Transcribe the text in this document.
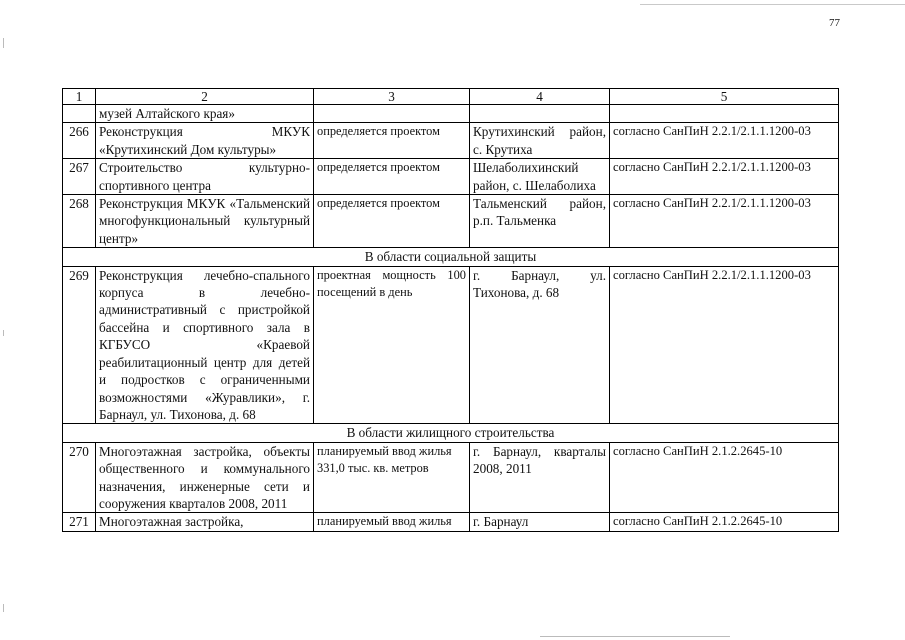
77
1	2	3	4	5
	музей Алтайского края»			
266	Реконструкция МКУК «Крутихинский Дом культуры»	определяется проектом	Крутихинский район, с. Крутиха	согласно СанПиН 2.2.1/2.1.1.1200-03
267	Строительство культурно-спортивного центра	определяется проектом	Шелаболихинский район, с. Шелаболиха	согласно СанПиН 2.2.1/2.1.1.1200-03
268	Реконструкция МКУК «Тальменский многофункциональный культурный центр»	определяется проектом	Тальменский район, р.п. Тальменка	согласно СанПиН 2.2.1/2.1.1.1200-03
В области социальной защиты				
269	Реконструкция лечебно-спального корпуса в лечебно-административный с пристройкой бассейна и спортивного зала в КГБУСО «Краевой реабилитационный центр для детей и подростков с ограниченными возможностями «Журавлики», г. Барнаул, ул. Тихонова, д. 68	проектная мощность 100 посещений в день	г. Барнаул, ул. Тихонова, д. 68	согласно СанПиН 2.2.1/2.1.1.1200-03
В области жилищного строительства				
270	Многоэтажная застройка, объекты общественного и коммунального назначения, инженерные сети и сооружения кварталов 2008, 2011	планируемый ввод жилья 331,0 тыс. кв. метров	г. Барнаул, кварталы 2008, 2011	согласно СанПиН 2.1.2.2645-10
271	Многоэтажная застройка,	планируемый ввод жилья	г. Барнаул	согласно СанПиН 2.1.2.2645-10
